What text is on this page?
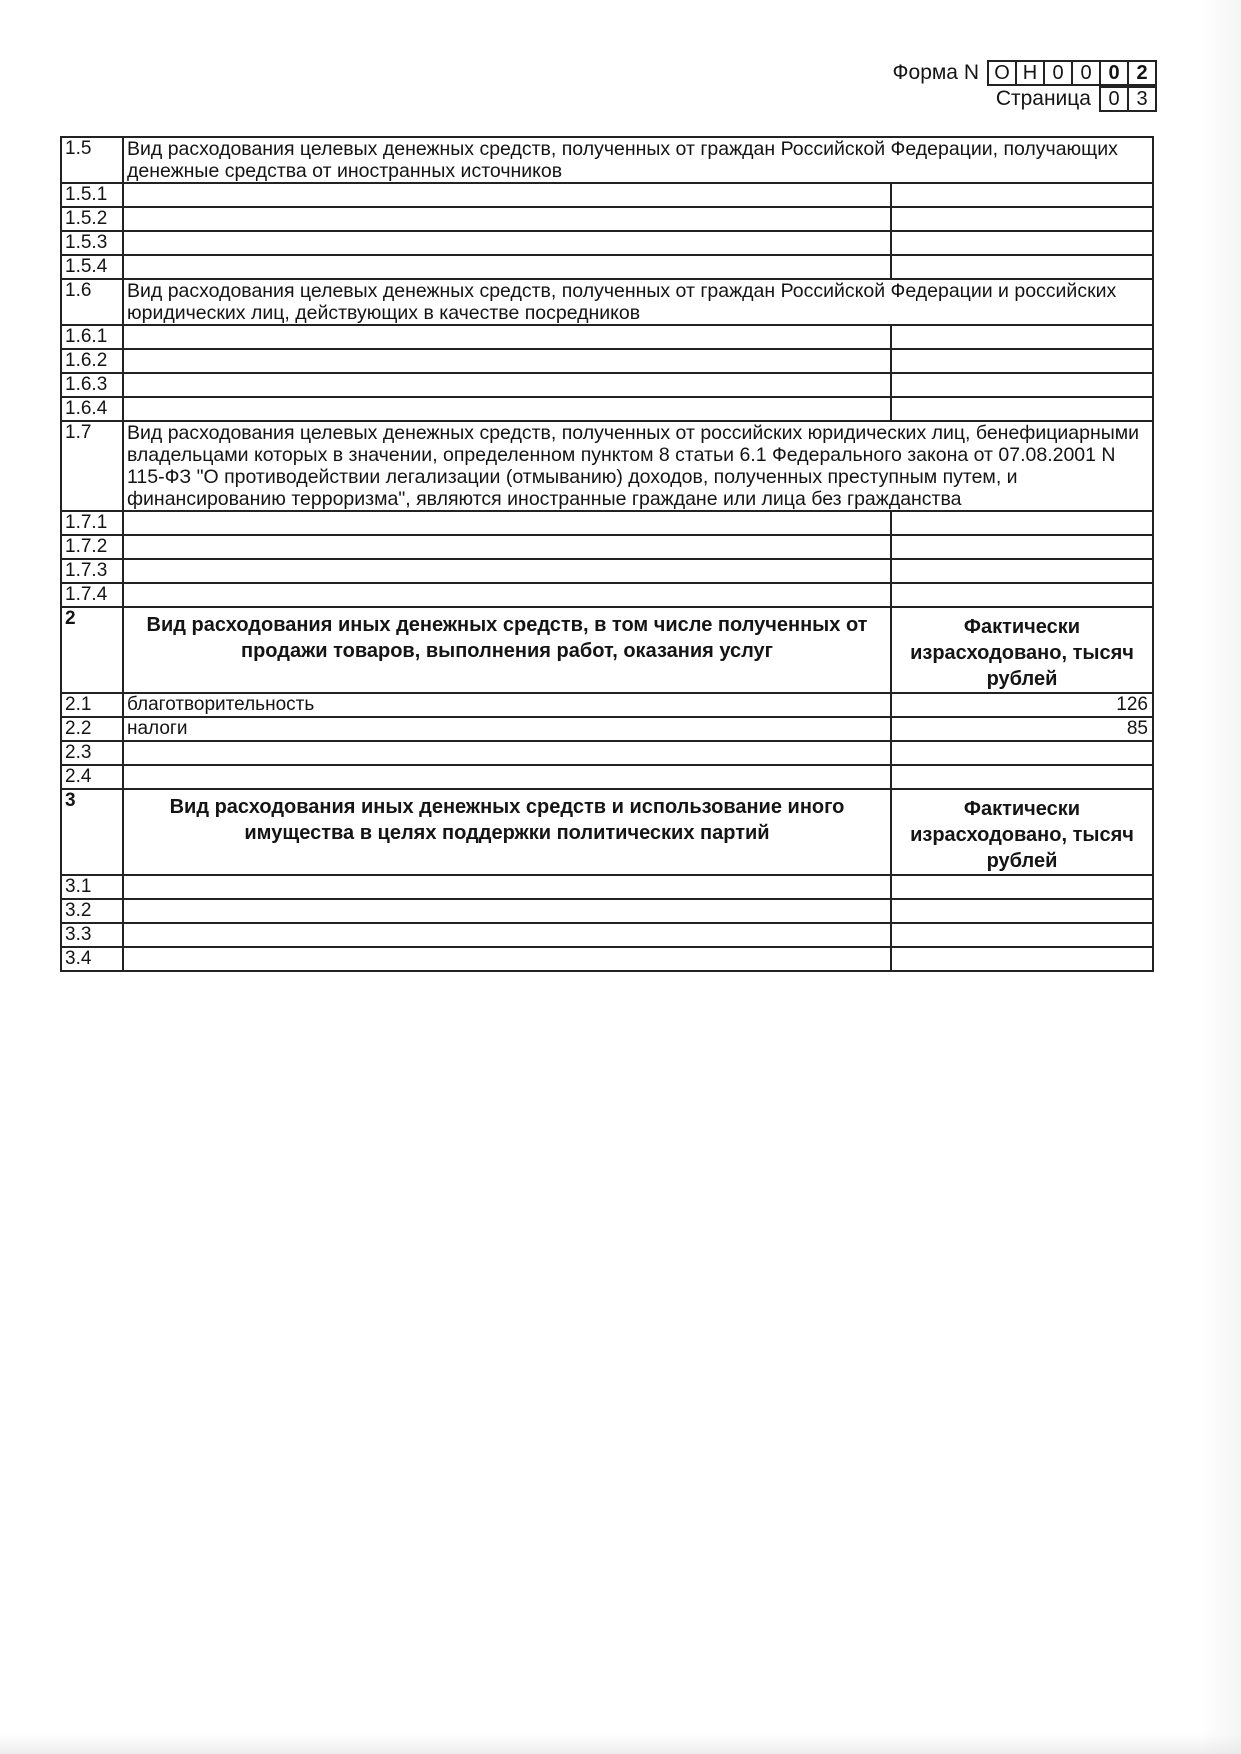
Форма N О Н 0 0 0 2
Страница 0 3
1.5	Вид расходования целевых денежных средств, полученных от граждан Российской Федерации, получающих денежные средства от иностранных источников	
1.5.1		
1.5.2		
1.5.3		
1.5.4		
1.6	Вид расходования целевых денежных средств, полученных от граждан Российской Федерации и российских юридических лиц, действующих в качестве посредников	
1.6.1		
1.6.2		
1.6.3		
1.6.4		
1.7	Вид расходования целевых денежных средств, полученных от российских юридических лиц, бенефициарными владельцами которых в значении, определенном пунктом 8 статьи 6.1 Федерального закона от 07.08.2001 N 115-ФЗ "О противодействии легализации (отмыванию) доходов, полученных преступным путем, и финансированию терроризма", являются иностранные граждане или лица без гражданства	
1.7.1		
1.7.2		
1.7.3		
1.7.4		
2	Вид расходования иных денежных средств, в том числе полученных от продажи товаров, выполнения работ, оказания услуг	Фактически израсходовано, тысяч рублей
2.1	благотворительность	126
2.2	налоги	85
2.3		
2.4		
3	Вид расходования иных денежных средств и использование иного имущества в целях поддержки политических партий	Фактически израсходовано, тысяч рублей
3.1		
3.2		
3.3		
3.4		
